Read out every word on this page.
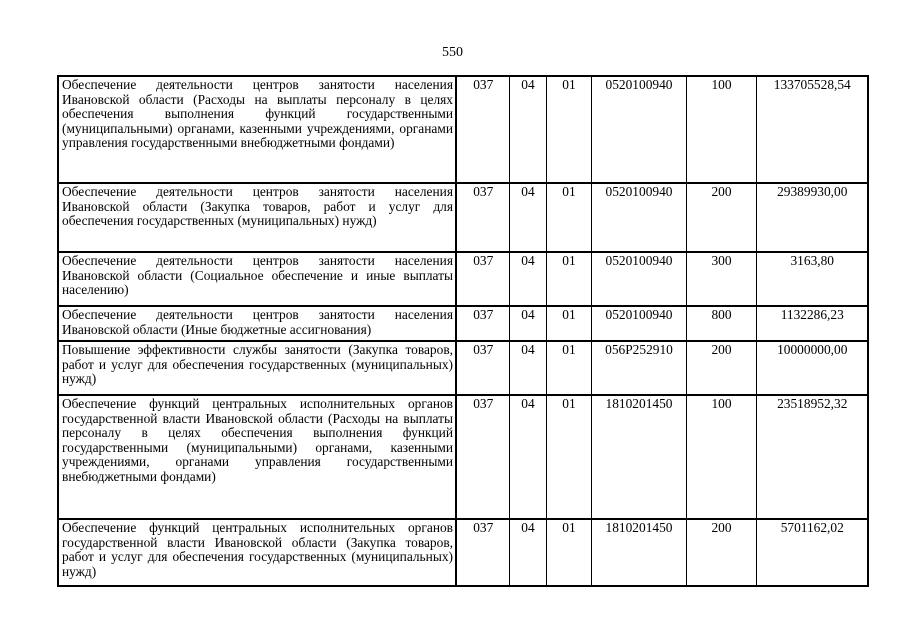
550
Обеспечение деятельности центров занятости населения Ивановской области (Расходы на выплаты персоналу в целях обеспечения выполнения функций государственными (муниципальными) органами, казенными учреждениями, органами управления государственными внебюджетными фондами)	037	04	01	0520100940	100	133705528,54
Обеспечение деятельности центров занятости населения Ивановской области (Закупка товаров, работ и услуг для обеспечения государственных (муниципальных) нужд)	037	04	01	0520100940	200	29389930,00
Обеспечение деятельности центров занятости населения Ивановской области (Социальное обеспечение и иные выплаты населению)	037	04	01	0520100940	300	3163,80
Обеспечение деятельности центров занятости населения Ивановской области (Иные бюджетные ассигнования)	037	04	01	0520100940	800	1132286,23
Повышение эффективности службы занятости (Закупка товаров, работ и услуг для обеспечения государственных (муниципальных) нужд)	037	04	01	056P252910	200	10000000,00
Обеспечение функций центральных исполнительных органов государственной власти Ивановской области (Расходы на выплаты персоналу в целях обеспечения выполнения функций государственными (муниципальными) органами, казенными учреждениями, органами управления государственными внебюджетными фондами)	037	04	01	1810201450	100	23518952,32
Обеспечение функций центральных исполнительных органов государственной власти Ивановской области (Закупка товаров, работ и услуг для обеспечения государственных (муниципальных) нужд)	037	04	01	1810201450	200	5701162,02
